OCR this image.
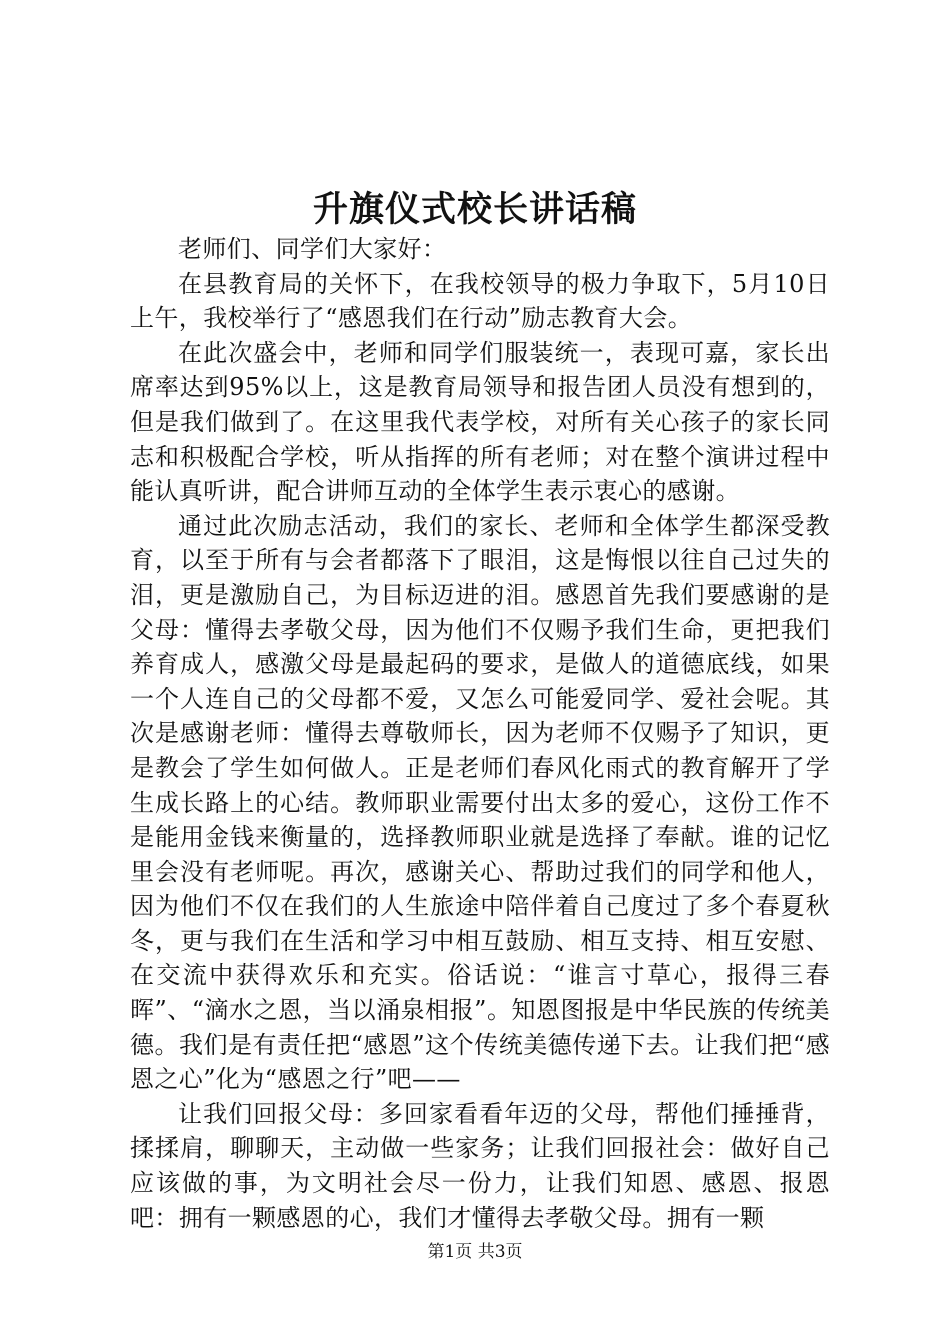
升旗仪式校长讲话稿

老师们、同学们大家好：

在县教育局的关怀下，在我校领导的极力争取下，5月10日上午，我校举行了“感恩我们在行动”励志教育大会。

在此次盛会中，老师和同学们服装统一，表现可嘉，家长出席率达到95%以上，这是教育局领导和报告团人员没有想到的，但是我们做到了。在这里我代表学校，对所有关心孩子的家长同志和积极配合学校，听从指挥的所有老师；对在整个演讲过程中能认真听讲，配合讲师互动的全体学生表示衷心的感谢。

通过此次励志活动，我们的家长、老师和全体学生都深受教育，以至于所有与会者都落下了眼泪，这是悔恨以往自己过失的泪，更是激励自己，为目标迈进的泪。感恩首先我们要感谢的是父母：懂得去孝敬父母，因为他们不仅赐予我们生命，更把我们养育成人，感激父母是最起码的要求，是做人的道德底线，如果一个人连自己的父母都不爱，又怎么可能爱同学、爱社会呢。其次是感谢老师：懂得去尊敬师长，因为老师不仅赐予了知识，更是教会了学生如何做人。正是老师们春风化雨式的教育解开了学生成长路上的心结。教师职业需要付出太多的爱心，这份工作不是能用金钱来衡量的，选择教师职业就是选择了奉献。谁的记忆里会没有老师呢。再次，感谢关心、帮助过我们的同学和他人，因为他们不仅在我们的人生旅途中陪伴着自己度过了多个春夏秋冬，更与我们在生活和学习中相互鼓励、相互支持、相互安慰、在交流中获得欢乐和充实。俗话说：“谁言寸草心，报得三春晖”、“滴水之恩，当以涌泉相报”。知恩图报是中华民族的传统美德。我们是有责任把“感恩”这个传统美德传递下去。让我们把“感恩之心”化为“感恩之行”吧——

让我们回报父母：多回家看看年迈的父母，帮他们捶捶背，揉揉肩，聊聊天，主动做一些家务；让我们回报社会：做好自己应该做的事，为文明社会尽一份力，让我们知恩、感恩、报恩吧：拥有一颗感恩的心，我们才懂得去孝敬父母。拥有一颗

第1页 共3页
